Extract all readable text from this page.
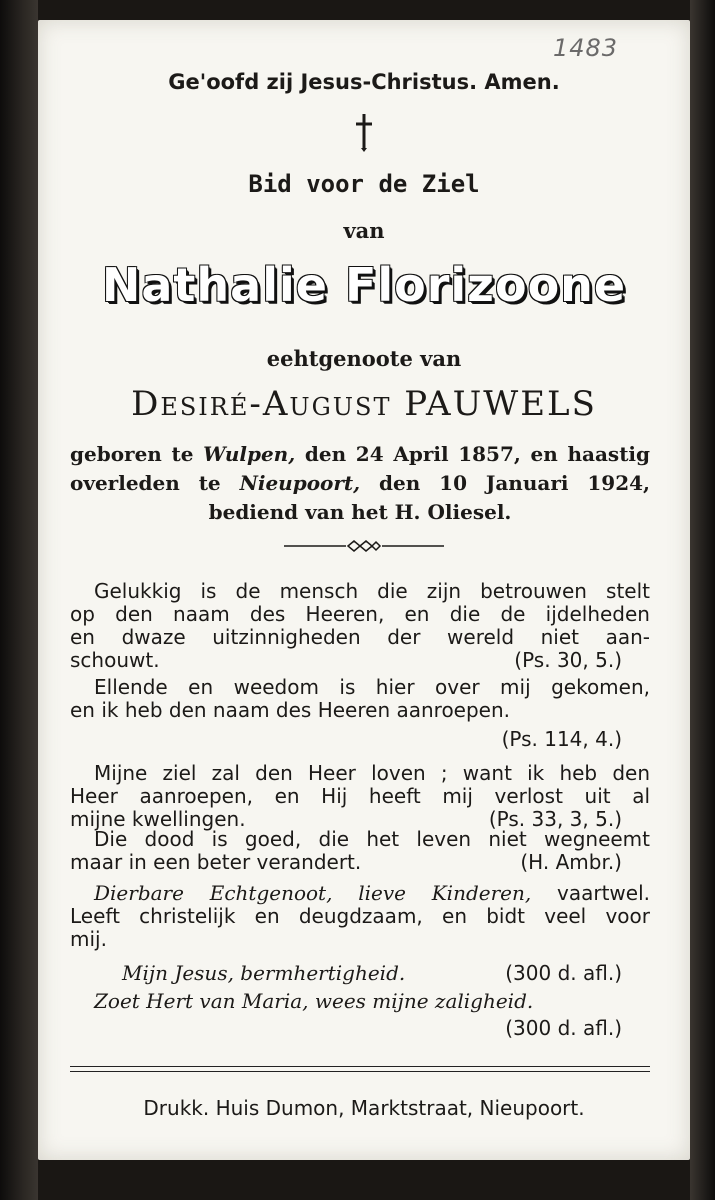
1483
Ge'oofd zij Jesus-Christus. Amen.
Bid voor de Ziel
van
Nathalie Florizoone
eehtgenoote van
Desiré-August PAUWELS
geboren te Wulpen, den 24 April 1857, en haastig
overleden te Nieupoort, den 10 Januari 1924,
bediend van het H. Oliesel.
Gelukkig is de mensch die zijn betrouwen stelt
op den naam des Heeren, en die de ijdelheden
en dwaze uitzinnigheden der wereld niet aan-
schouwt.	(Ps. 30, 5.)
Ellende en weedom is hier over mij gekomen,
en ik heb den naam des Heeren aanroepen.
(Ps. 114, 4.)
Mijne ziel zal den Heer loven ; want ik heb den
Heer aanroepen, en Hij heeft mij verlost uit al
mijne kwellingen.	(Ps. 33, 3, 5.)
Die dood is goed, die het leven niet wegneemt
maar in een beter verandert.	(H. Ambr.)
Dierbare Echtgenoot, lieve Kinderen, vaartwel.
Leeft christelijk en deugdzaam, en bidt veel voor
mij.
Mijn Jesus, bermhertigheid.	(300 d. afl.)
Zoet Hert van Maria, wees mijne zaligheid.
(300 d. afl.)
Drukk. Huis Dumon, Marktstraat, Nieupoort.
